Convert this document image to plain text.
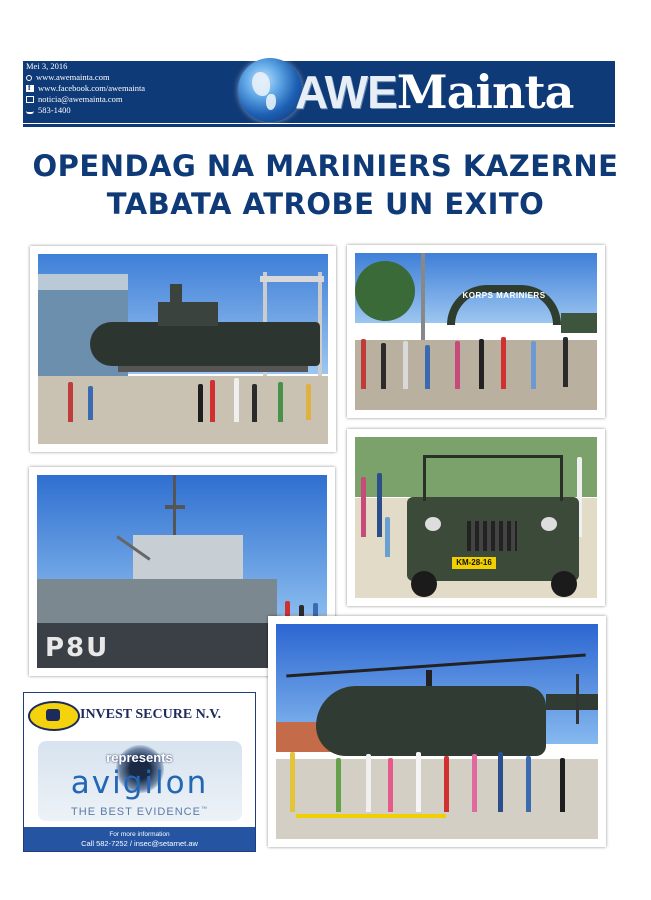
Mei 3, 2016
www.awemainta.com
f
www.facebook.com/awemainta
noticia@awemainta.com
583-1400	AWEMainta
OPENDAG NA MARINIERS KAZERNE
TABATA ATROBE UN EXITO
KORPS MARINIERS
KM-28-16
P8U
INVEST SECURE N.V.
represents
avigilon
THE BEST EVIDENCE™
For more information
Call 582-7252 / insec@setarnet.aw
